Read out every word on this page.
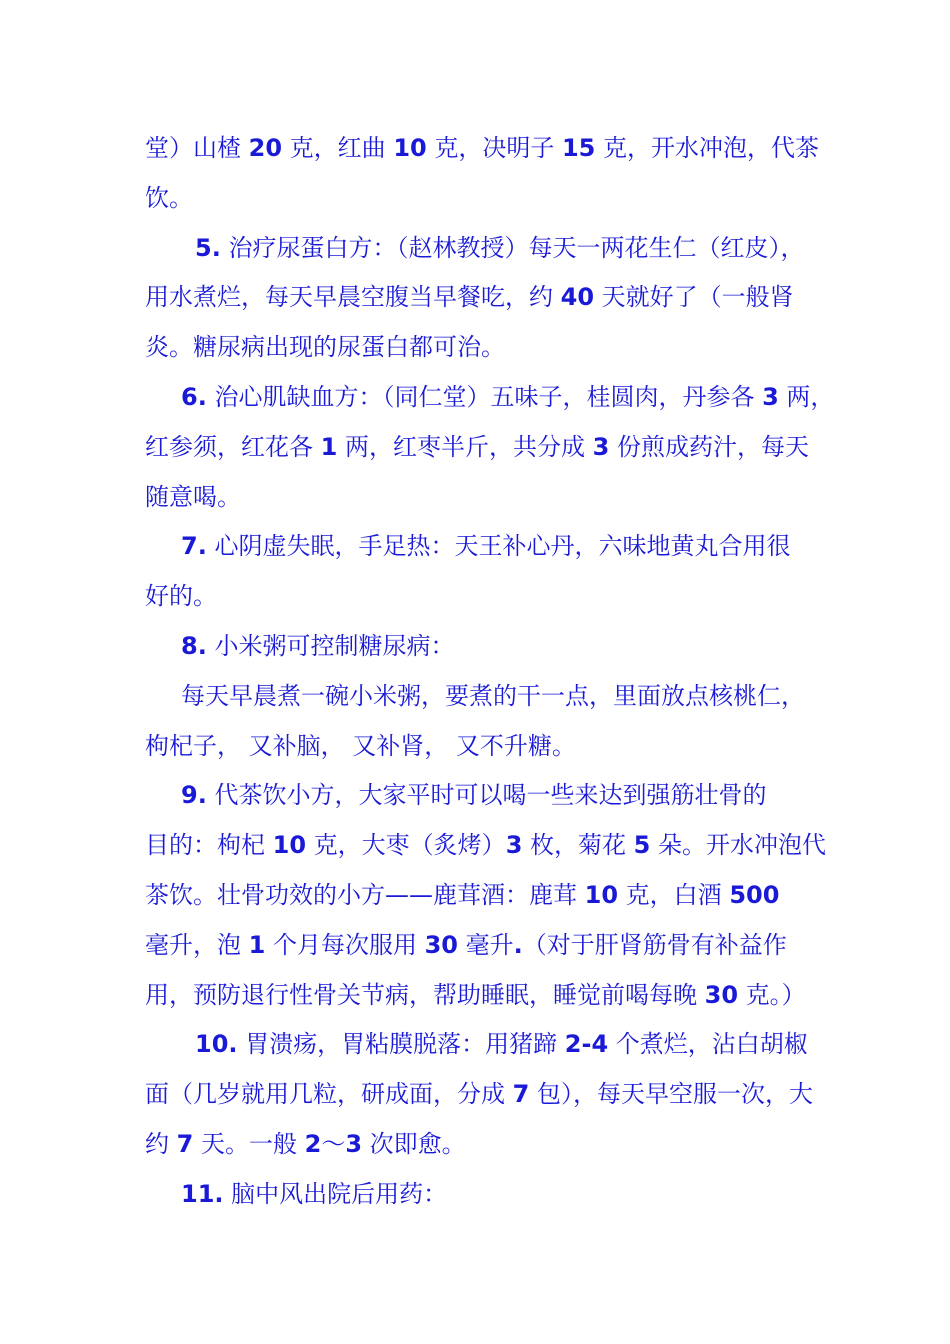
堂）山楂 20 克，红曲 10 克，决明子 15 克，开水冲泡，代茶
饮。
5. 治疗尿蛋白方：（赵林教授）每天一两花生仁（红皮），
用水煮烂，每天早晨空腹当早餐吃，约 40 天就好了（一般肾
炎。糖尿病出现的尿蛋白都可治。
6. 治心肌缺血方：（同仁堂）五味子，桂圆肉，丹参各 3 两，
红参须，红花各 1 两，红枣半斤，共分成 3 份煎成药汁，每天
随意喝。
7. 心阴虚失眠，手足热：天王补心丹，六味地黄丸合用很
好的。
8. 小米粥可控制糖尿病：
每天早晨煮一碗小米粥，要煮的干一点，里面放点核桃仁，
枸杞子， 又补脑， 又补肾， 又不升糖。
9. 代茶饮小方，大家平时可以喝一些来达到强筋壮骨的
目的：枸杞 10 克，大枣（炙烤）3 枚，菊花 5 朵。开水冲泡代
茶饮。壮骨功效的小方——鹿茸酒：鹿茸 10 克，白酒 500
毫升，泡 1 个月每次服用 30 毫升.（对于肝肾筋骨有补益作
用，预防退行性骨关节病，帮助睡眠，睡觉前喝每晚 30 克。）
10. 胃溃疡，胃粘膜脱落：用猪蹄 2-4 个煮烂，沾白胡椒
面（几岁就用几粒，研成面，分成 7 包），每天早空服一次，大
约 7 天。一般 2～3 次即愈。
11. 脑中风出院后用药：
